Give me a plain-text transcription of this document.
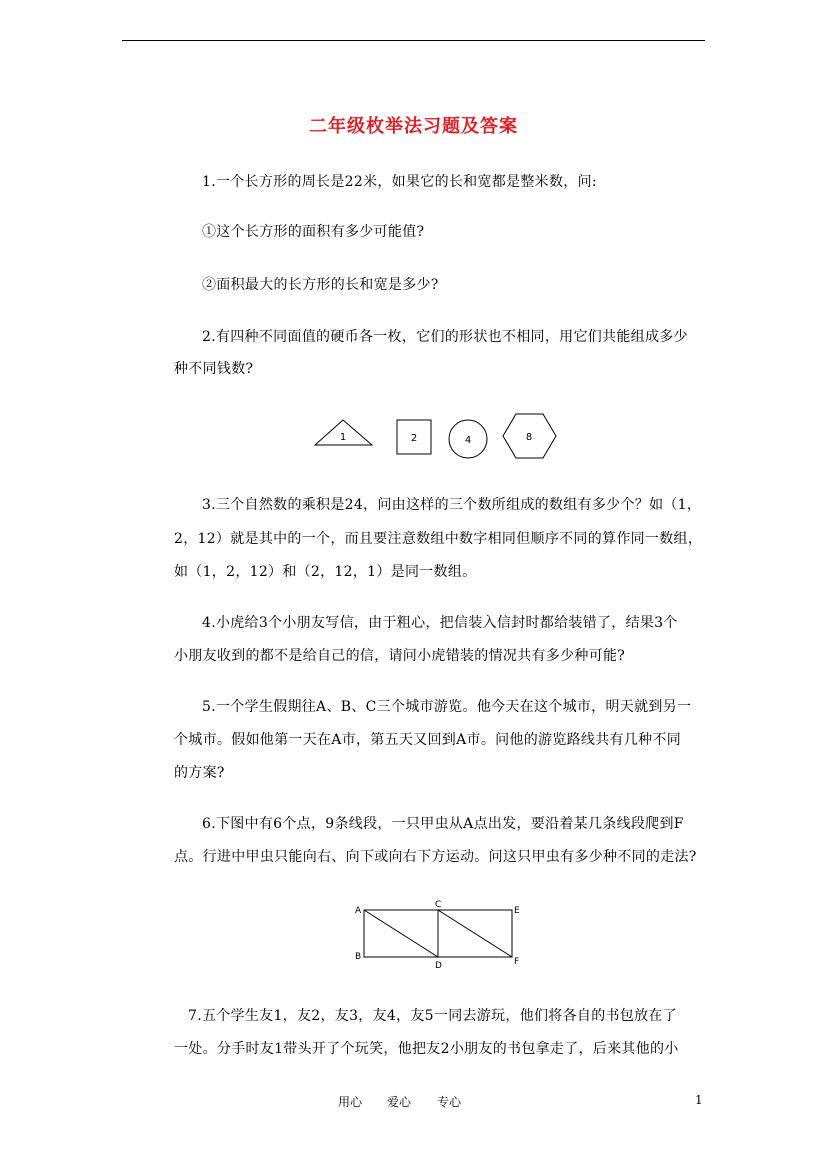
二年级枚举法习题及答案
1.一个长方形的周长是22米，如果它的长和宽都是整米数，问:
①这个长方形的面积有多少可能值?
②面积最大的长方形的长和宽是多少?
2.有四种不同面值的硬币各一枚，它们的形状也不相同，用它们共能组成多少
种不同钱数?
1	2	4	8
3.三个自然数的乘积是24，问由这样的三个数所组成的数组有多少个？如（1，
2，12）就是其中的一个，而且要注意数组中数字相同但顺序不同的算作同一数组，
如（1，2，12）和（2，12，1）是同一数组。
4.小虎给3个小朋友写信，由于粗心，把信装入信封时都给装错了，结果3个
小朋友收到的都不是给自己的信，请问小虎错装的情况共有多少种可能?
5.一个学生假期往A、B、C三个城市游览。他今天在这个城市，明天就到另一
个城市。假如他第一天在A市，第五天又回到A市。问他的游览路线共有几种不同
的方案?
6.下图中有6个点，9条线段，一只甲虫从A点出发，要沿着某几条线段爬到F
点。行进中甲虫只能向右、向下或向右下方运动。问这只甲虫有多少种不同的走法?
A
C
E
B
D	F
7.五个学生友1，友2，友3，友4，友5一同去游玩，他们将各自的书包放在了
一处。分手时友1带头开了个玩笑，他把友2小朋友的书包拿走了，后来其他的小
用心 爱心 专心	1
